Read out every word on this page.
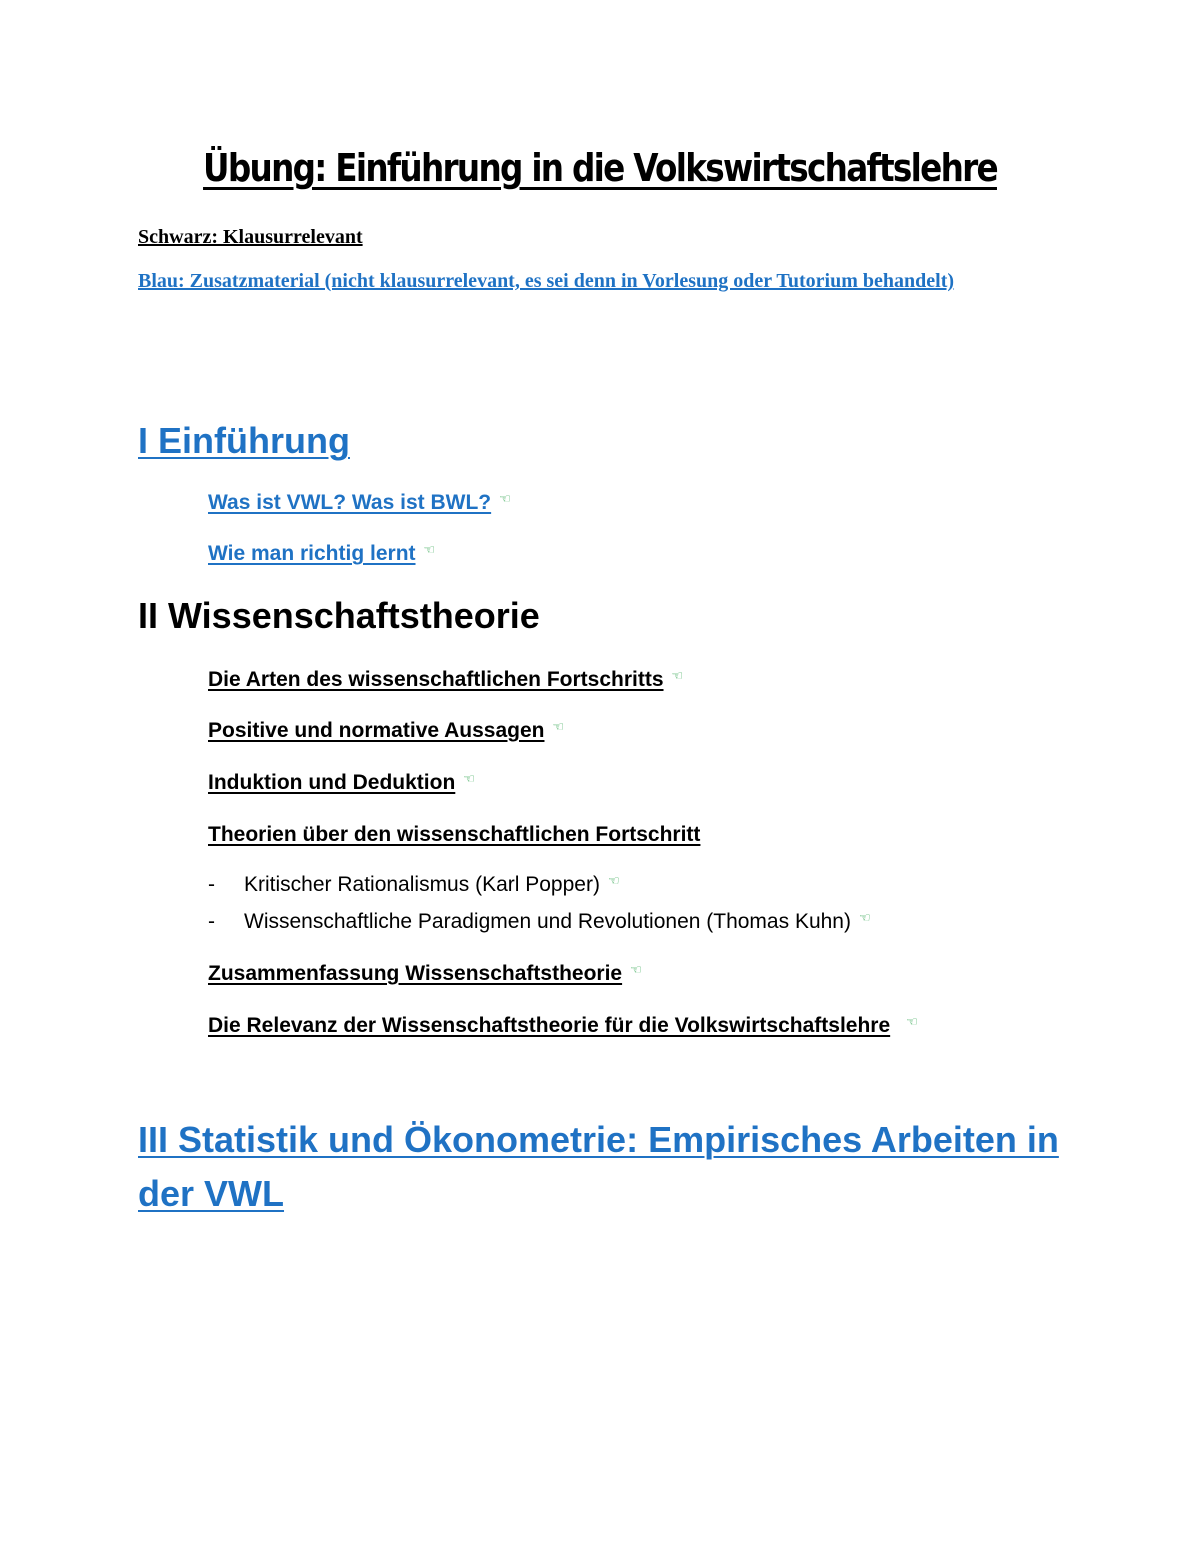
Übung: Einführung in die Volkswirtschaftslehre
Schwarz: Klausurrelevant
Blau: Zusatzmaterial (nicht klausurrelevant, es sei denn in Vorlesung oder Tutorium behandelt)
I Einführung
Was ist VWL? Was ist BWL? ☜
Wie man richtig lernt ☜
II Wissenschaftstheorie
Die Arten des wissenschaftlichen Fortschritts ☜
Positive und normative Aussagen ☜
Induktion und Deduktion ☜
Theorien über den wissenschaftlichen Fortschritt
- Kritischer Rationalismus (Karl Popper) ☜
- Wissenschaftliche Paradigmen und Revolutionen (Thomas Kuhn) ☜
Zusammenfassung Wissenschaftstheorie ☜
Die Relevanz der Wissenschaftstheorie für die Volkswirtschaftslehre ☜
III Statistik und Ökonometrie: Empirisches Arbeiten in der VWL
